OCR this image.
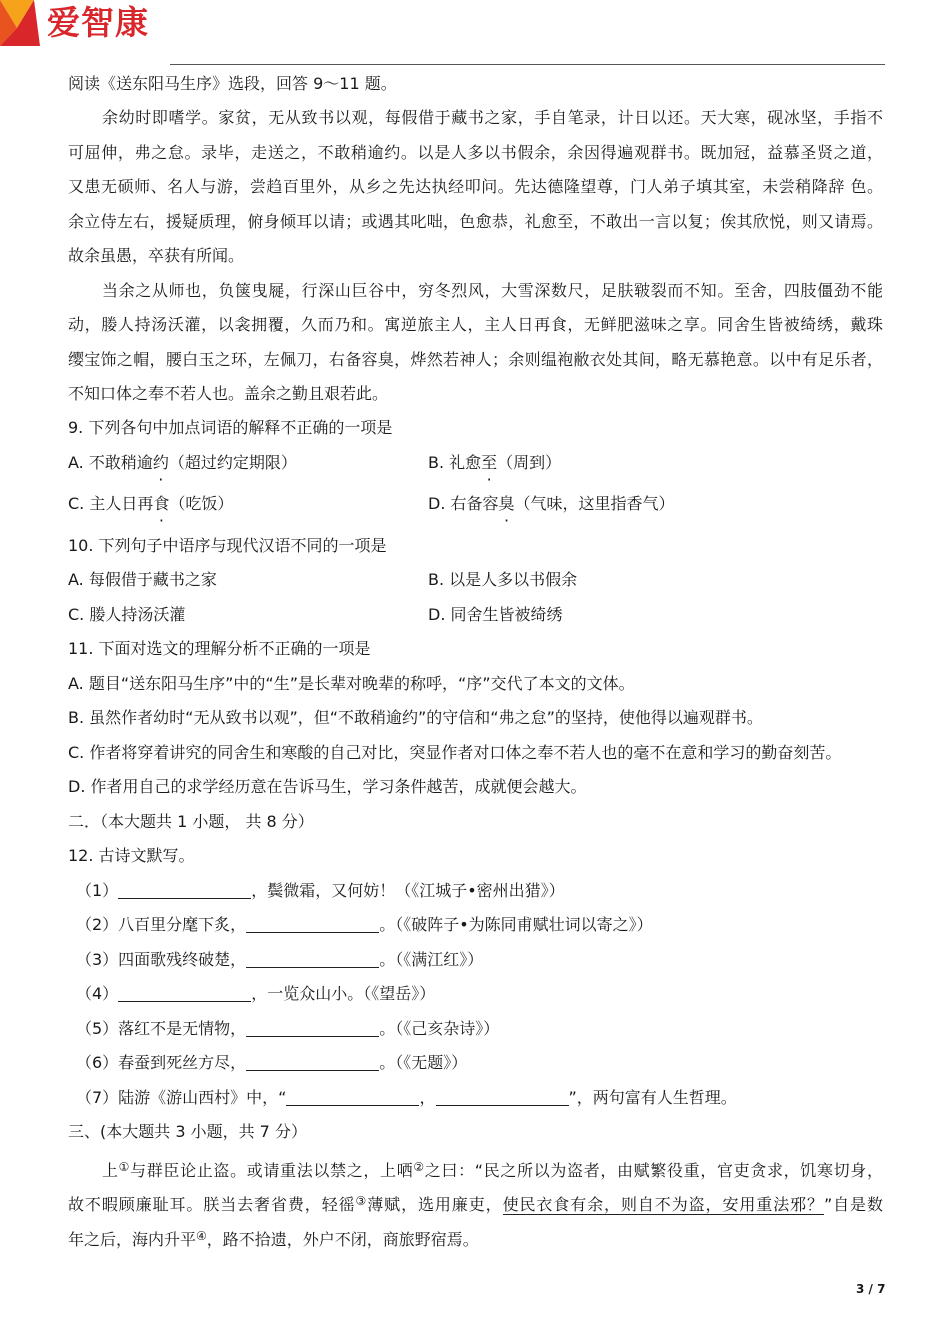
爱智康
阅读《送东阳马生序》选段，回答 9～11 题。
余幼时即嗜学。家贫，无从致书以观，每假借于藏书之家，手自笔录，计日以还。天大寒，砚冰坚，手指不
可屈伸，弗之怠。录毕，走送之，不敢稍逾约。以是人多以书假余，余因得遍观群书。既加冠，益慕圣贤之道，
又患无硕师、名人与游，尝趋百里外，从乡之先达执经叩问。先达德隆望尊，门人弟子填其室，未尝稍降辞 色。
余立侍左右，援疑质理，俯身倾耳以请；或遇其叱咄，色愈恭，礼愈至，不敢出一言以复；俟其欣悦，则又请焉。
故余虽愚，卒获有所闻。
当余之从师也，负箧曳屣，行深山巨谷中，穷冬烈风，大雪深数尺，足肤皲裂而不知。至舍，四肢僵劲不能
动，媵人持汤沃灌，以衾拥覆，久而乃和。寓逆旅主人，主人日再食，无鲜肥滋味之享。同舍生皆被绮绣，戴珠
缨宝饰之帽，腰白玉之环，左佩刀，右备容臭，烨然若神人；余则缊袍敝衣处其间，略无慕艳意。以中有足乐者，
不知口体之奉不若人也。盖余之勤且艰若此。
9. 下列各句中加点词语的解释不正确的一项是
A. 不敢稍逾约（超过约定期限）	B. 礼愈至（周到）
C. 主人日再食（吃饭）	D. 右备容臭（气味，这里指香气）
10. 下列句子中语序与现代汉语不同的一项是
A. 每假借于藏书之家	B. 以是人多以书假余
C. 媵人持汤沃灌	D. 同舍生皆被绮绣
11. 下面对选文的理解分析不正确的一项是
A. 题目“送东阳马生序”中的“生”是长辈对晚辈的称呼，“序”交代了本文的文体。
B. 虽然作者幼时“无从致书以观”，但“不敢稍逾约”的守信和“弗之怠”的坚持，使他得以遍观群书。
C. 作者将穿着讲究的同舍生和寒酸的自己对比，突显作者对口体之奉不若人也的毫不在意和学习的勤奋刻苦。
D. 作者用自己的求学经历意在告诉马生，学习条件越苦，成就便会越大。
二．（本大题共 1 小题， 共 8 分）
12. 古诗文默写。
（1）	，鬓微霜，又何妨！（《江城子•密州出猎》）
（2）八百里分麾下炙，	。（《破阵子•为陈同甫赋壮词以寄之》）
（3）四面歌残终破楚，	。（《满江红》）
（4）	，一览众山小。（《望岳》）
（5）落红不是无情物，	。（《己亥杂诗》）
（6）春蚕到死丝方尽，	。（《无题》）
（7）陆游《游山西村》中，“	，	”，两句富有人生哲理。
三、(本大题共 3 小题，共 7 分）
上①与群臣论止盗。或请重法以禁之，上哂②之曰：“民之所以为盗者，由赋繁役重，官吏贪求，饥寒切身，
故不暇顾廉耻耳。朕当去奢省费，轻徭③薄赋，选用廉吏，使民衣食有余，则自不为盗，安用重法邪？”自是数
年之后，海内升平④，路不拾遗，外户不闭，商旅野宿焉。
3 / 7
